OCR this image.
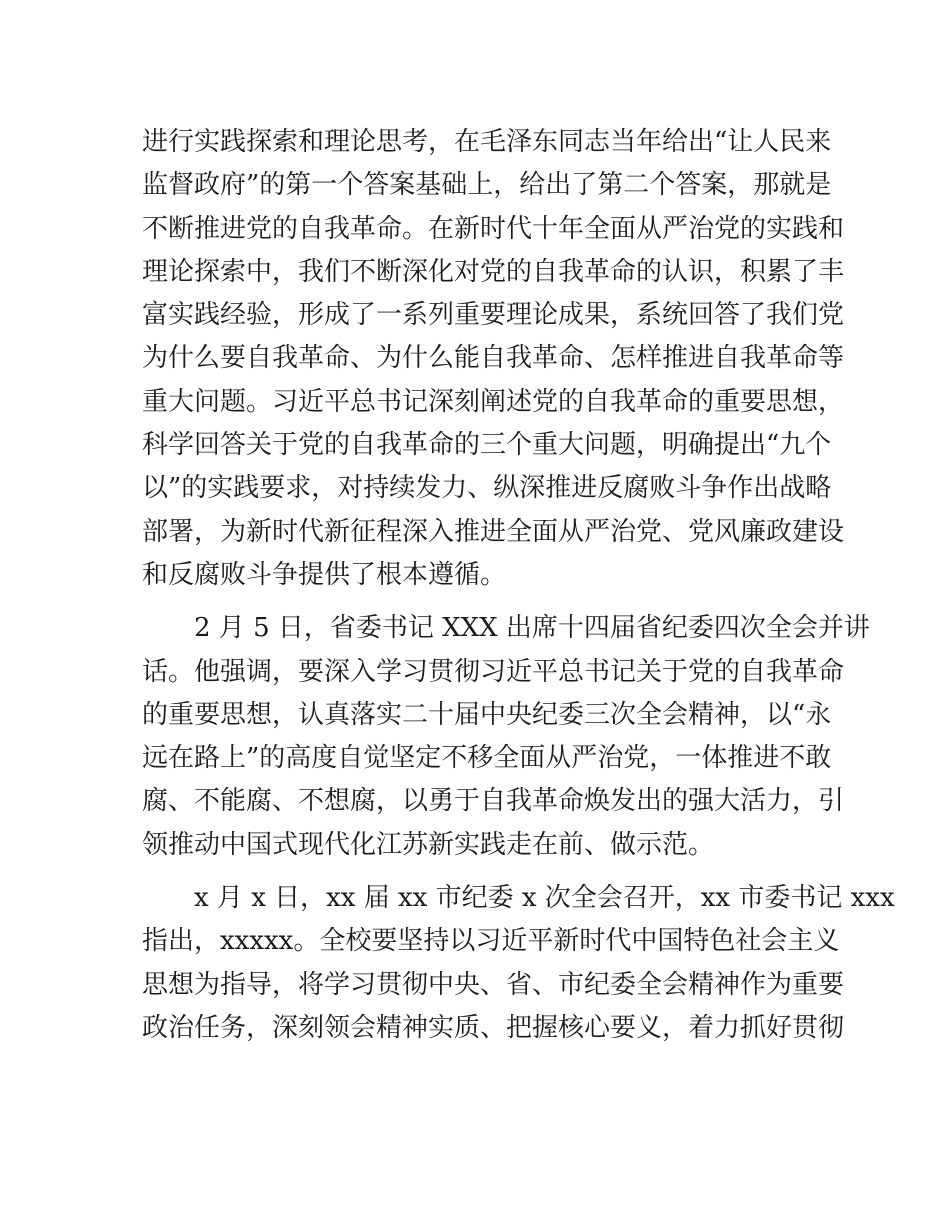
进行实践探索和理论思考，在毛泽东同志当年给出“让人民来
监督政府”的第一个答案基础上，给出了第二个答案，那就是
不断推进党的自我革命。在新时代十年全面从严治党的实践和
理论探索中，我们不断深化对党的自我革命的认识，积累了丰
富实践经验，形成了一系列重要理论成果，系统回答了我们党
为什么要自我革命、为什么能自我革命、怎样推进自我革命等
重大问题。习近平总书记深刻阐述党的自我革命的重要思想，
科学回答关于党的自我革命的三个重大问题，明确提出“九个
以”的实践要求，对持续发力、纵深推进反腐败斗争作出战略
部署，为新时代新征程深入推进全面从严治党、党风廉政建设
和反腐败斗争提供了根本遵循。
2 月 5 日，省委书记 XXX 出席十四届省纪委四次全会并讲
话。他强调，要深入学习贯彻习近平总书记关于党的自我革命
的重要思想，认真落实二十届中央纪委三次全会精神，以“永
远在路上”的高度自觉坚定不移全面从严治党，一体推进不敢
腐、不能腐、不想腐，以勇于自我革命焕发出的强大活力，引
领推动中国式现代化江苏新实践走在前、做示范。
x 月 x 日，xx 届 xx 市纪委 x 次全会召开，xx 市委书记 xxx
指出，xxxxx。全校要坚持以习近平新时代中国特色社会主义
思想为指导，将学习贯彻中央、省、市纪委全会精神作为重要
政治任务，深刻领会精神实质、把握核心要义，着力抓好贯彻
